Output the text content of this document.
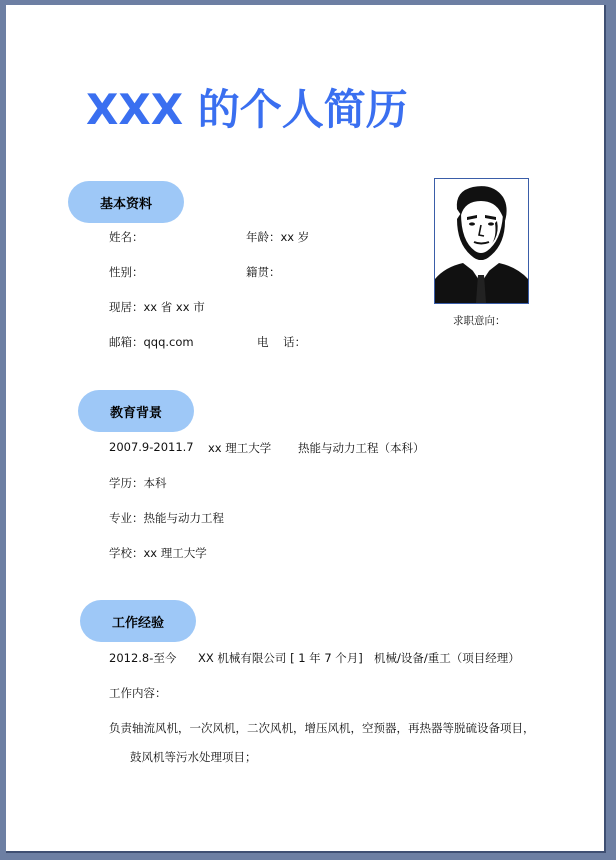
XXX 的个人简历
基本资料
姓名：	年龄：xx 岁
性别：	籍贯：
现居：xx 省 xx 市
邮箱：qqq.com	电    话：
求职意向：
教育背景
2007.9-2011.7 xx 理工大学 热能与动力工程（本科）
学历：本科
专业：热能与动力工程
学校：xx 理工大学
工作经验
2012.8-至今 XX 机械有限公司 [ 1 年 7 个月] 机械/设备/重工（项目经理）
工作内容：
负责轴流风机，一次风机，二次风机，增压风机，空预器，再热器等脱硫设备项目，
鼓风机等污水处理项目；
